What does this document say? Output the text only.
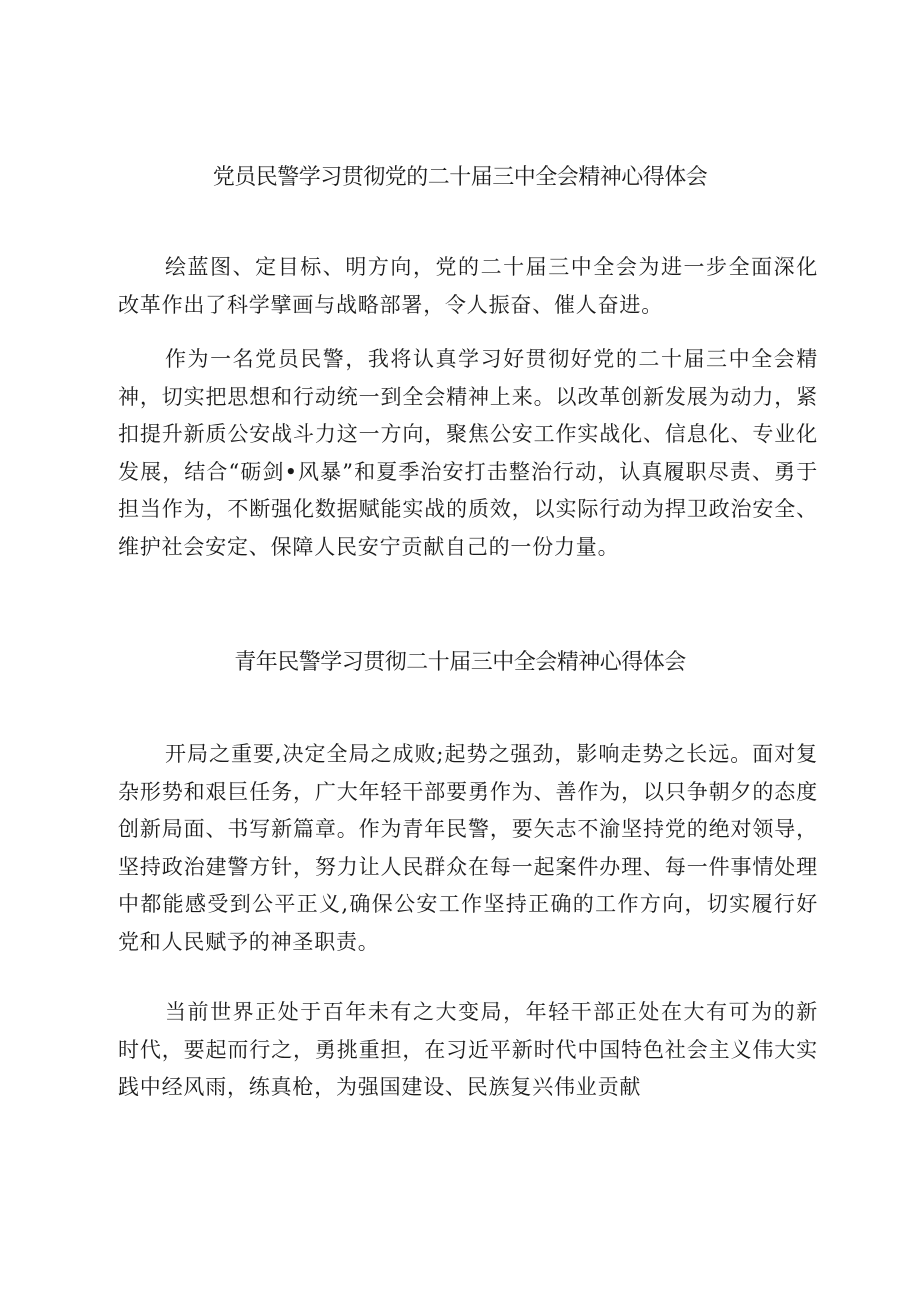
党员民警学习贯彻党的二十届三中全会精神心得体会

绘蓝图、定目标、明方向，党的二十届三中全会为进一步全面深化改革作出了科学擘画与战略部署，令人振奋、催人奋进。

作为一名党员民警，我将认真学习好贯彻好党的二十届三中全会精神，切实把思想和行动统一到全会精神上来。以改革创新发展为动力，紧扣提升新质公安战斗力这一方向，聚焦公安工作实战化、信息化、专业化发展，结合“砺剑•风暴”和夏季治安打击整治行动，认真履职尽责、勇于担当作为，不断强化数据赋能实战的质效，以实际行动为捍卫政治安全、维护社会安定、保障人民安宁贡献自己的一份力量。

青年民警学习贯彻二十届三中全会精神心得体会

开局之重要,决定全局之成败;起势之强劲，影响走势之长远。面对复杂形势和艰巨任务，广大年轻干部要勇作为、善作为，以只争朝夕的态度创新局面、书写新篇章。作为青年民警，要矢志不渝坚持党的绝对领导，坚持政治建警方针，努力让人民群众在每一起案件办理、每一件事情处理中都能感受到公平正义,确保公安工作坚持正确的工作方向，切实履行好党和人民赋予的神圣职责。

当前世界正处于百年未有之大变局，年轻干部正处在大有可为的新时代，要起而行之，勇挑重担，在习近平新时代中国特色社会主义伟大实践中经风雨，练真枪，为强国建设、民族复兴伟业贡献
